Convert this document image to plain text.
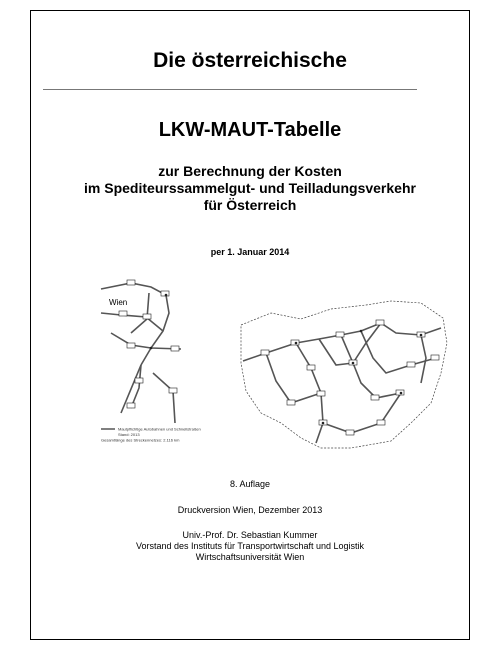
Die österreichische
LKW-MAUT-Tabelle
zur Berechnung der Kosten
im Spediteurssammelgut- und Teilladungsverkehr
für Österreich
per 1. Januar 2014
Wien
Mautpflichtige Autobahnen und Schnellstraßen
Stand: 2013
Gesamtlänge des Streckennetzes: 2.116 km
8. Auflage
Druckversion Wien, Dezember 2013
Univ.-Prof. Dr. Sebastian Kummer
Vorstand des Instituts für Transportwirtschaft und Logistik
Wirtschaftsuniversität Wien
